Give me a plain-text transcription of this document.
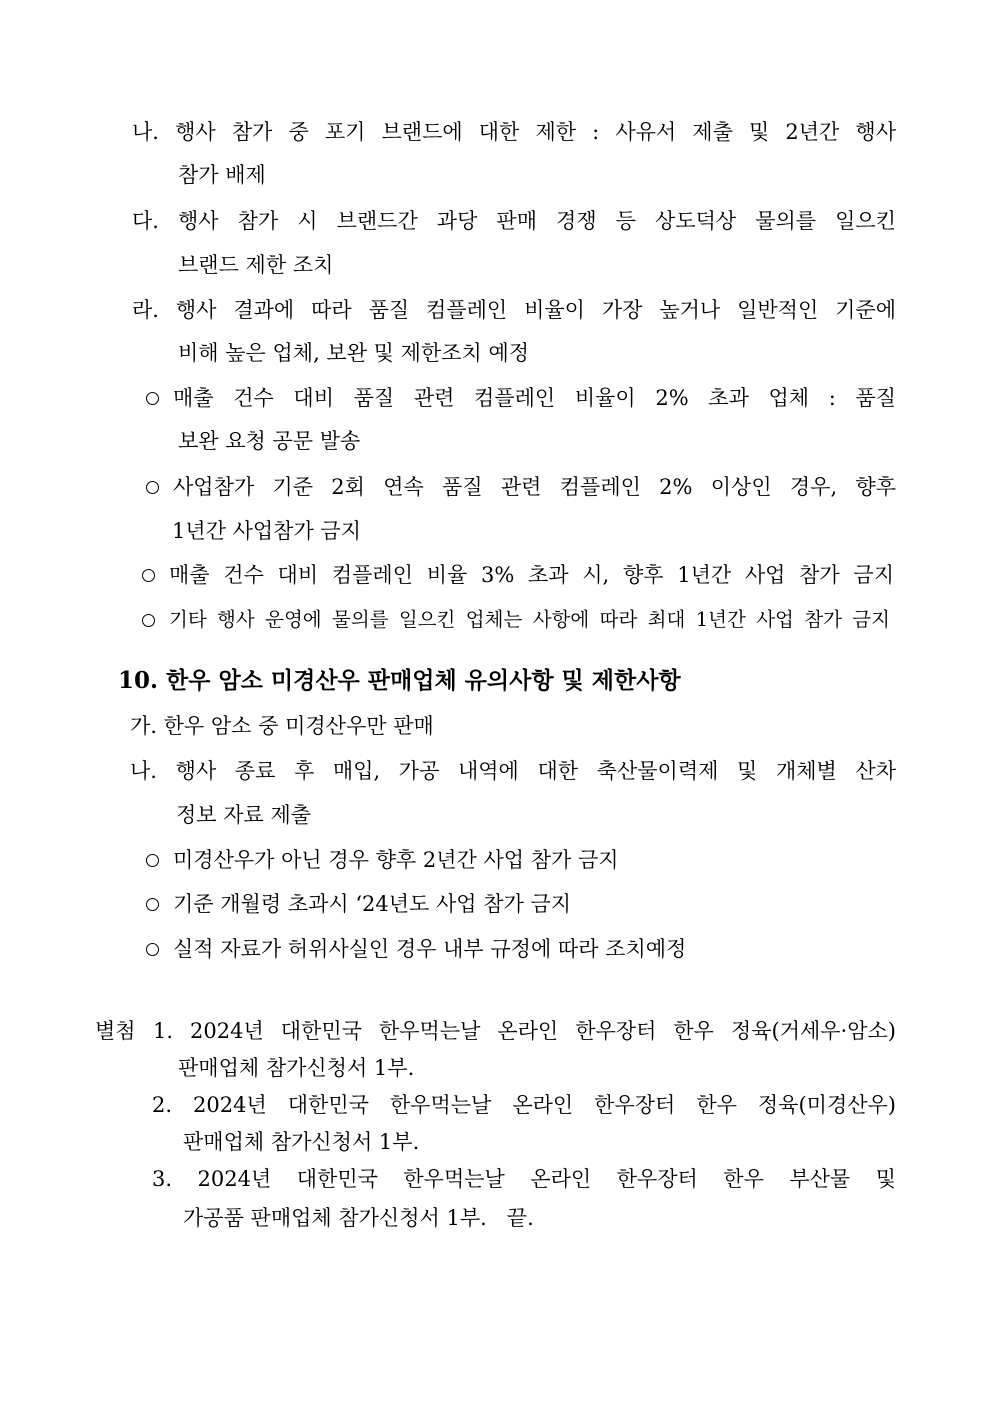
나. 행사 참가 중 포기 브랜드에 대한 제한 : 사유서 제출 및 2년간 행사
참가 배제
다. 행사 참가 시 브랜드간 과당 판매 경쟁 등 상도덕상 물의를 일으킨
브랜드 제한 조치
라. 행사 결과에 따라 품질 컴플레인 비율이 가장 높거나 일반적인 기준에
비해 높은 업체, 보완 및 제한조치 예정
매출 건수 대비 품질 관련 컴플레인 비율이 2% 초과 업체 : 품질
보완 요청 공문 발송
사업참가 기준 2회 연속 품질 관련 컴플레인 2% 이상인 경우, 향후
1년간 사업참가 금지
매출 건수 대비 컴플레인 비율 3% 초과 시, 향후 1년간 사업 참가 금지
기타 행사 운영에 물의를 일으킨 업체는 사항에 따라 최대 1년간 사업 참가 금지
10. 한우 암소 미경산우 판매업체 유의사항 및 제한사항
가. 한우 암소 중 미경산우만 판매
나. 행사 종료 후 매입, 가공 내역에 대한 축산물이력제 및 개체별 산차
정보 자료 제출
미경산우가 아닌 경우 향후 2년간 사업 참가 금지
기준 개월령 초과시 ‘24년도 사업 참가 금지
실적 자료가 허위사실인 경우 내부 규정에 따라 조치예정
별첨 1. 2024년 대한민국 한우먹는날 온라인 한우장터 한우 정육(거세우·암소)
판매업체 참가신청서 1부.
2. 2024년 대한민국 한우먹는날 온라인 한우장터 한우 정육(미경산우)
판매업체 참가신청서 1부.
3. 2024년 대한민국 한우먹는날 온라인 한우장터 한우 부산물 및
가공품 판매업체 참가신청서 1부.   끝.
